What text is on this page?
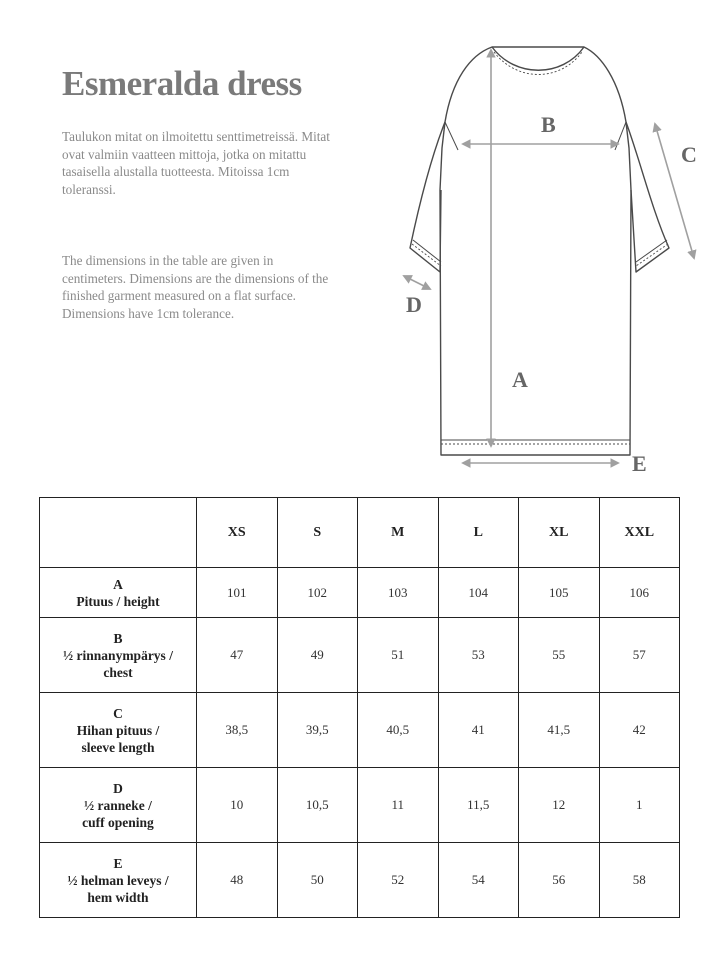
Esmeralda dress
Taulukon mitat on ilmoitettu senttimetreissä. Mitat ovat valmiin vaatteen mittoja, jotka on mitattu tasaisella alustalla tuotteesta. Mitoissa 1cm toleranssi.
The dimensions in the table are given in centimeters. Dimensions are the dimensions of the finished garment measured on a flat surface. Dimensions have 1cm tolerance.
B
C
D
A
E
	XS	S	M	L	XL	XXL

A
Pituus / height	101	102	103	104	105	106

B
½ rinnanympärys /
chest	47	49	51	53	55	57

C
Hihan pituus /
sleeve length	38,5	39,5	40,5	41	41,5	42

D
½ ranneke /
cuff opening	10	10,5	11	11,5	12	1

E
½ helman leveys /
hem width	48	50	52	54	56	58
